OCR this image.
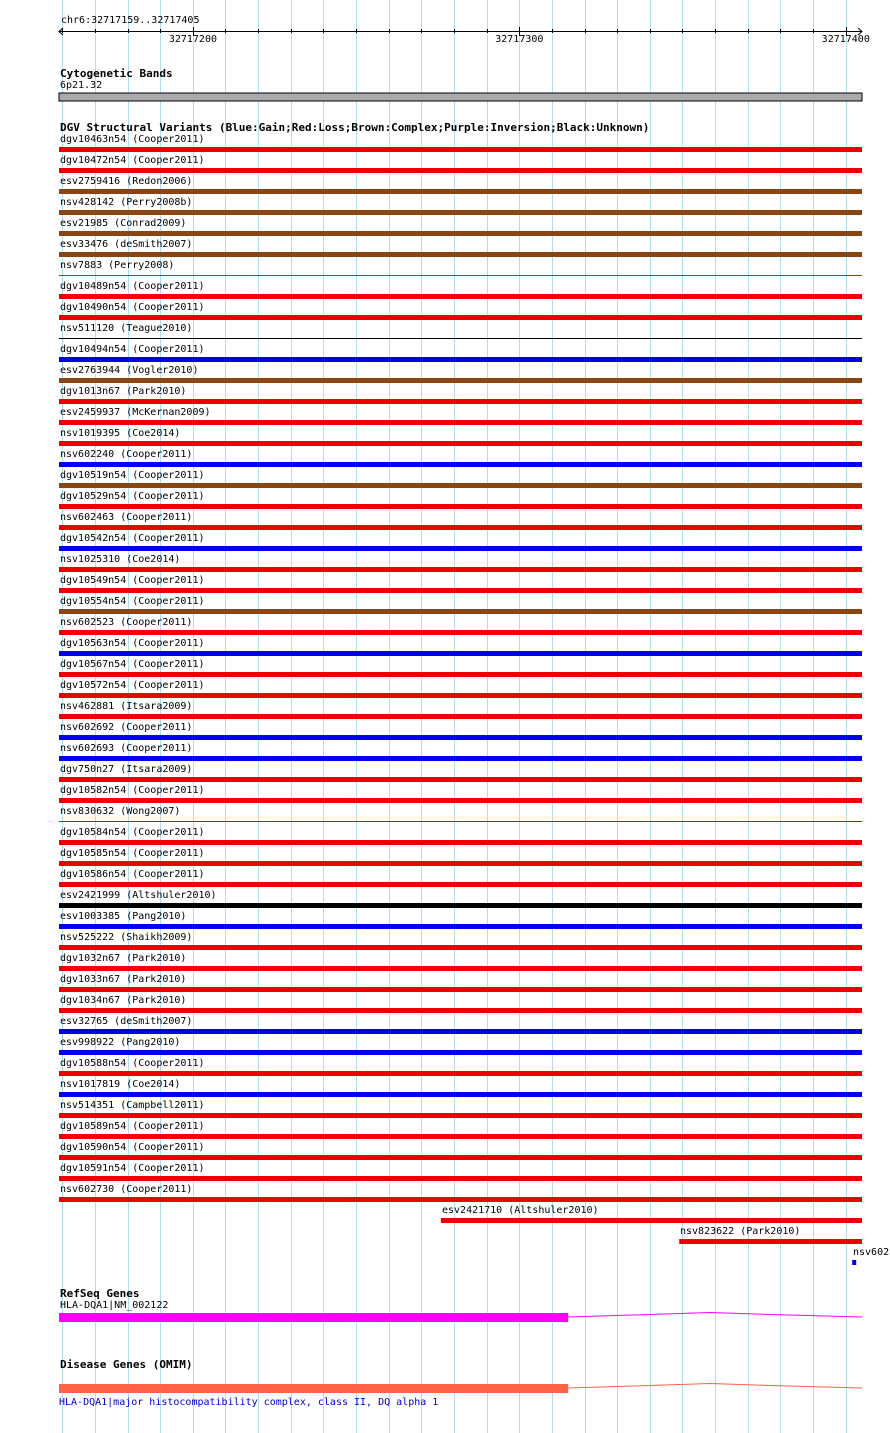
chr6:32717159..32717405
32717200	32717300	32717400
Cytogenetic Bands
6p21.32
DGV Structural Variants (Blue:Gain;Red:Loss;Brown:Complex;Purple:Inversion;Black:Unknown)
dgv10463n54 (Cooper2011)
dgv10472n54 (Cooper2011)
esv2759416 (Redon2006)
nsv428142 (Perry2008b)
esv21985 (Conrad2009)
esv33476 (deSmith2007)
nsv7883 (Perry2008)
dgv10489n54 (Cooper2011)
dgv10490n54 (Cooper2011)
nsv511120 (Teague2010)
dgv10494n54 (Cooper2011)
esv2763944 (Vogler2010)
dgv1013n67 (Park2010)
esv2459937 (McKernan2009)
nsv1019395 (Coe2014)
nsv602240 (Cooper2011)
dgv10519n54 (Cooper2011)
dgv10529n54 (Cooper2011)
nsv602463 (Cooper2011)
dgv10542n54 (Cooper2011)
nsv1025310 (Coe2014)
dgv10549n54 (Cooper2011)
dgv10554n54 (Cooper2011)
nsv602523 (Cooper2011)
dgv10563n54 (Cooper2011)
dgv10567n54 (Cooper2011)
dgv10572n54 (Cooper2011)
nsv462881 (Itsara2009)
nsv602692 (Cooper2011)
nsv602693 (Cooper2011)
dgv750n27 (Itsara2009)
dgv10582n54 (Cooper2011)
nsv830632 (Wong2007)
dgv10584n54 (Cooper2011)
dgv10585n54 (Cooper2011)
dgv10586n54 (Cooper2011)
esv2421999 (Altshuler2010)
esv1003385 (Pang2010)
nsv525222 (Shaikh2009)
dgv1032n67 (Park2010)
dgv1033n67 (Park2010)
dgv1034n67 (Park2010)
esv32765 (deSmith2007)
esv998922 (Pang2010)
dgv10588n54 (Cooper2011)
nsv1017819 (Coe2014)
nsv514351 (Campbell2011)
dgv10589n54 (Cooper2011)
dgv10590n54 (Cooper2011)
dgv10591n54 (Cooper2011)
nsv602730 (Cooper2011)
esv2421710 (Altshuler2010)
nsv823622 (Park2010)
nsv602
RefSeq Genes
HLA-DQA1|NM_002122
Disease Genes (OMIM)
HLA-DQA1|major histocompatibility complex, class II, DQ alpha 1
